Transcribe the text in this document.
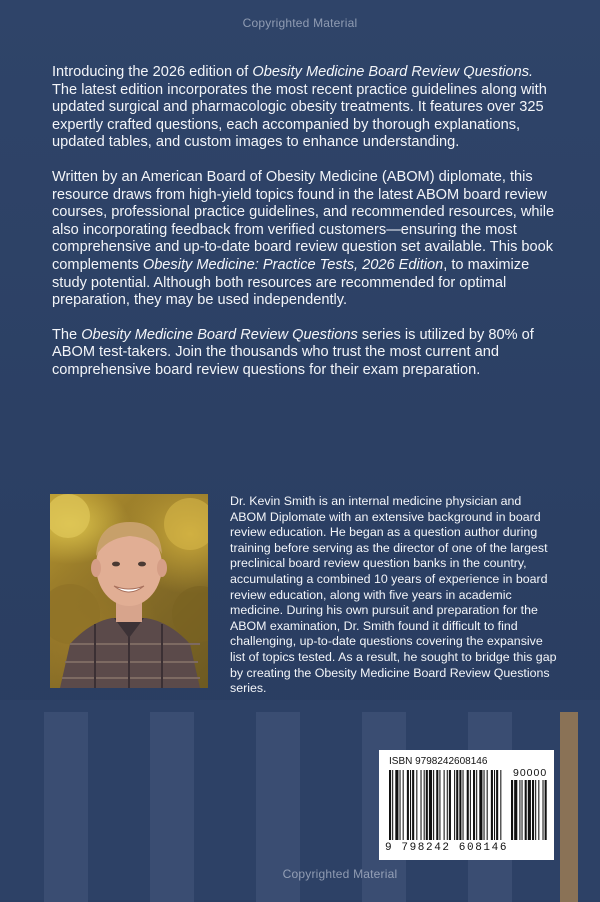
Copyrighted Material

Introducing the 2026 edition of Obesity Medicine Board Review Questions. The latest edition incorporates the most recent practice guidelines along with updated surgical and pharmacologic obesity treatments. It features over 325 expertly crafted questions, each accompanied by thorough explanations, updated tables, and custom images to enhance understanding.

Written by an American Board of Obesity Medicine (ABOM) diplomate, this resource draws from high-yield topics found in the latest ABOM board review courses, professional practice guidelines, and recommended resources, while also incorporating feedback from verified customers—ensuring the most comprehensive and up-to-date board review question set available. This book complements Obesity Medicine: Practice Tests, 2026 Edition, to maximize study potential. Although both resources are recommended for optimal preparation, they may be used independently.

The Obesity Medicine Board Review Questions series is utilized by 80% of ABOM test-takers. Join the thousands who trust the most current and comprehensive board review questions for their exam preparation.

Dr. Kevin Smith is an internal medicine physician and ABOM Diplomate with an extensive background in board review education. He began as a question author during training before serving as the director of one of the largest preclinical board review question banks in the country, accumulating a combined 10 years of experience in board review education, along with five years in academic medicine. During his own pursuit and preparation for the ABOM examination, Dr. Smith found it difficult to find challenging, up-to-date questions covering the expansive list of topics tested. As a result, he sought to bridge this gap by creating the Obesity Medicine Board Review Questions series.
ISBN 9798242608146
90000
9 798242 608146
Copyrighted Material
